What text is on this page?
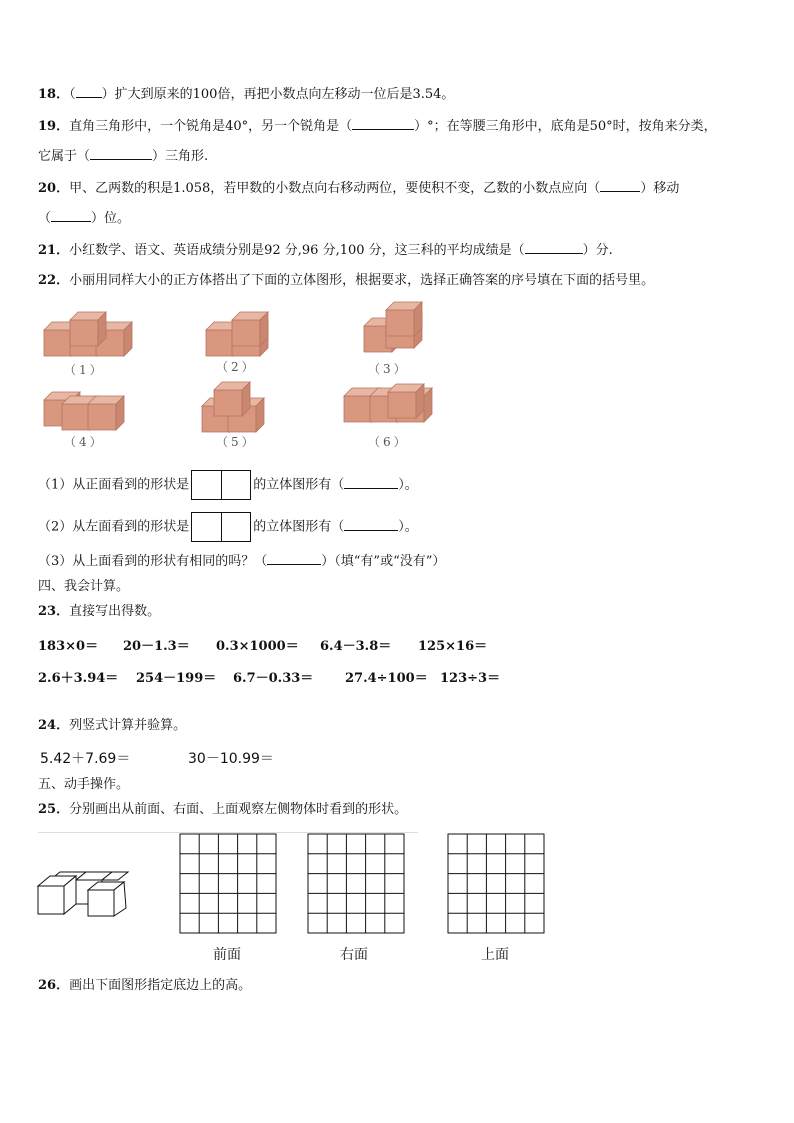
18．（ ）扩大到原来的100倍，再把小数点向左移动一位后是3.54。
19．直角三角形中，一个锐角是40°，另一个锐角是（	）°；在等腰三角形中，底角是50°时，按角来分类，
它属于（	）三角形.
20．甲、乙两数的积是1.058，若甲数的小数点向右移动两位，要使积不变，乙数的小数点应向（	）移动
（	）位。
21．小红数学、语文、英语成绩分别是92 分,96 分,100 分，这三科的平均成绩是（	）分.
22．小丽用同样大小的正方体搭出了下面的立体图形，根据要求，选择正确答案的序号填在下面的括号里。
（1）	（2）	（3）
（4）	（5）	（6）
（1）从正面看到的形状是	的立体图形有（	）。
（2）从左面看到的形状是	的立体图形有（	）。
（3）从上面看到的形状有相同的吗？（	）（填“有”或“没有”）
四、我会计算。
23．直接写出得数。
183×0＝ 20－1.3＝ 0.3×1000＝ 6.4－3.8＝ 125×16＝
2.6＋3.94＝ 254－199＝ 6.7－0.33＝ 27.4÷100＝ 123÷3＝
24．列竖式计算并验算。
5.42＋7.69＝	30－10.99＝
五、动手操作。
25．分别画出从前面、右面、上面观察左侧物体时看到的形状。
前面	右面	上面
26．画出下面图形指定底边上的高。
